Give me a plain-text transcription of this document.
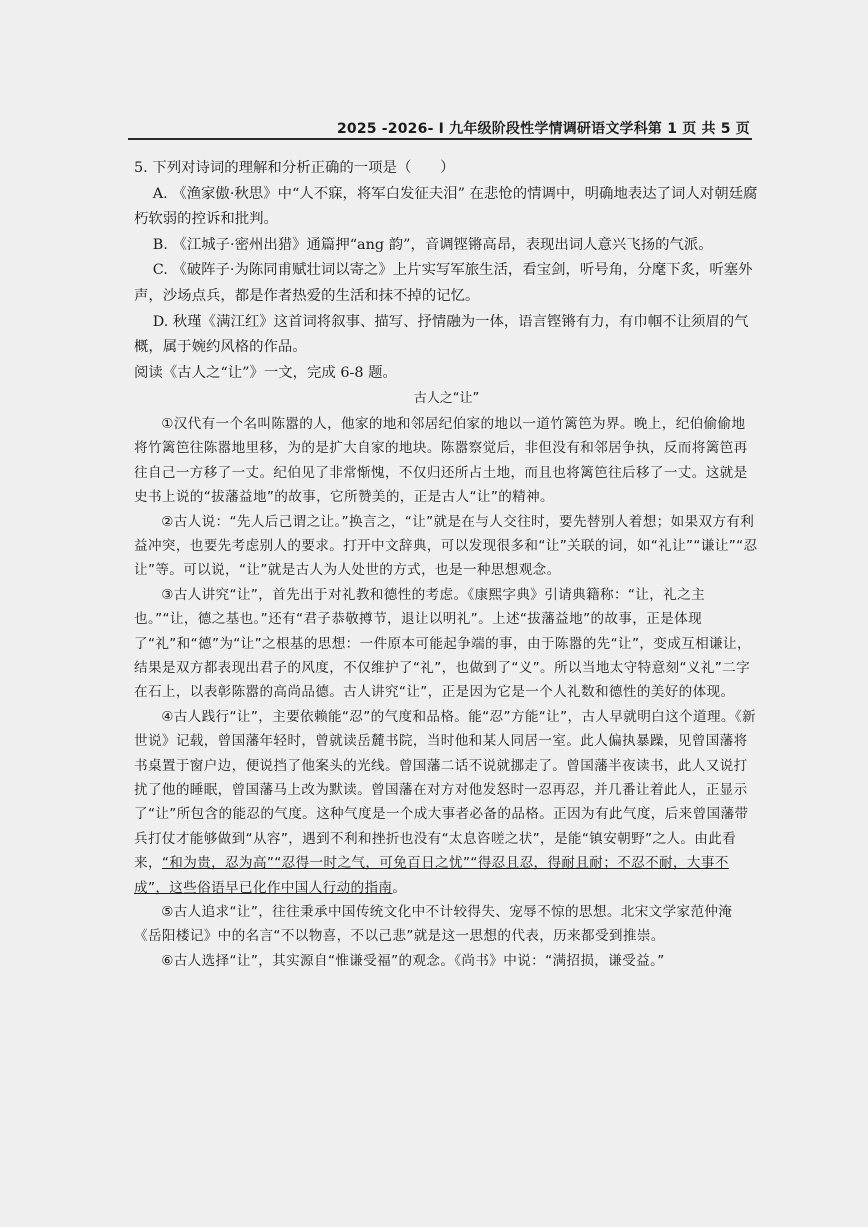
2025 -2026- I 九年级阶段性学情调研语文学科第 1 页 共 5 页

5. 下列对诗词的理解和分析正确的一项是（　　）

A. 《渔家傲·秋思》中“人不寐，将军白发征夫泪” 在悲怆的情调中，明确地表达了词人对朝廷腐朽软弱的控诉和批判。

B. 《江城子·密州出猎》通篇押“ang 韵”，音调铿锵高昂，表现出词人意兴飞扬的气派。

C. 《破阵子·为陈同甫赋壮词以寄之》上片实写军旅生活，看宝剑，听号角，分麾下炙，听塞外声，沙场点兵，都是作者热爱的生活和抹不掉的记忆。

D. 秋瑾《满江红》这首词将叙事、描写、抒情融为一体，语言铿锵有力，有巾帼不让须眉的气概，属于婉约风格的作品。

阅读《古人之“让”》一文，完成 6-8 题。

古人之“让”

①汉代有一个名叫陈嚣的人，他家的地和邻居纪伯家的地以一道竹篱笆为界。晚上，纪伯偷偷地将竹篱笆往陈嚣地里移，为的是扩大自家的地块。陈嚣察觉后，非但没有和邻居争执，反而将篱笆再往自己一方移了一丈。纪伯见了非常惭愧，不仅归还所占土地，而且也将篱笆往后移了一丈。这就是史书上说的“拔藩益地”的故事，它所赞美的，正是古人“让”的精神。

②古人说：“先人后己谓之让。”换言之，“让”就是在与人交往时，要先替别人着想；如果双方有利益冲突，也要先考虑别人的要求。打开中文辞典，可以发现很多和“让”关联的词，如“礼让”“谦让”“忍让”等。可以说，“让”就是古人为人处世的方式，也是一种思想观念。

③古人讲究“让”，首先出于对礼教和德性的考虑。《康熙字典》引请典籍称：“让，礼之主也。”“让，德之基也。”还有“君子恭敬撙节，退让以明礼”。上述“拔藩益地”的故事，正是体现了“礼”和“德”为“让”之根基的思想：一件原本可能起争端的事，由于陈嚣的先“让”，变成互相谦让，结果是双方都表现出君子的风度，不仅维护了“礼”，也做到了“义”。所以当地太守特意刻“义礼”二字在石上，以表彰陈嚣的高尚品德。古人讲究“让”，正是因为它是一个人礼数和德性的美好的体现。

④古人践行“让”，主要依赖能“忍”的气度和品格。能“忍”方能“让”，古人早就明白这个道理。《新世说》记载，曾国藩年轻时，曾就读岳麓书院，当时他和某人同居一室。此人偏执暴躁，见曾国藩将书桌置于窗户边，便说挡了他案头的光线。曾国藩二话不说就挪走了。曾国藩半夜读书，此人又说打扰了他的睡眠，曾国藩马上改为默读。曾国藩在对方对他发怒时一忍再忍，并几番让着此人，正显示了“让”所包含的能忍的气度。这种气度是一个成大事者必备的品格。正因为有此气度，后来曾国藩带兵打仗才能够做到“从容”，遇到不利和挫折也没有“太息咨嗟之状”，是能“镇安朝野”之人。由此看来，“和为贵，忍为高”“忍得一时之气，可免百日之忧”“得忍且忍，得耐且耐；不忍不耐，大事不成”，这些俗语早已化作中国人行动的指南。

⑤古人追求“让”，往往秉承中国传统文化中不计较得失、宠辱不惊的思想。北宋文学家范仲淹《岳阳楼记》中的名言“不以物喜，不以己悲”就是这一思想的代表，历来都受到推崇。

⑥古人选择“让”，其实源自“惟谦受福”的观念。《尚书》中说：“满招损，谦受益。”
